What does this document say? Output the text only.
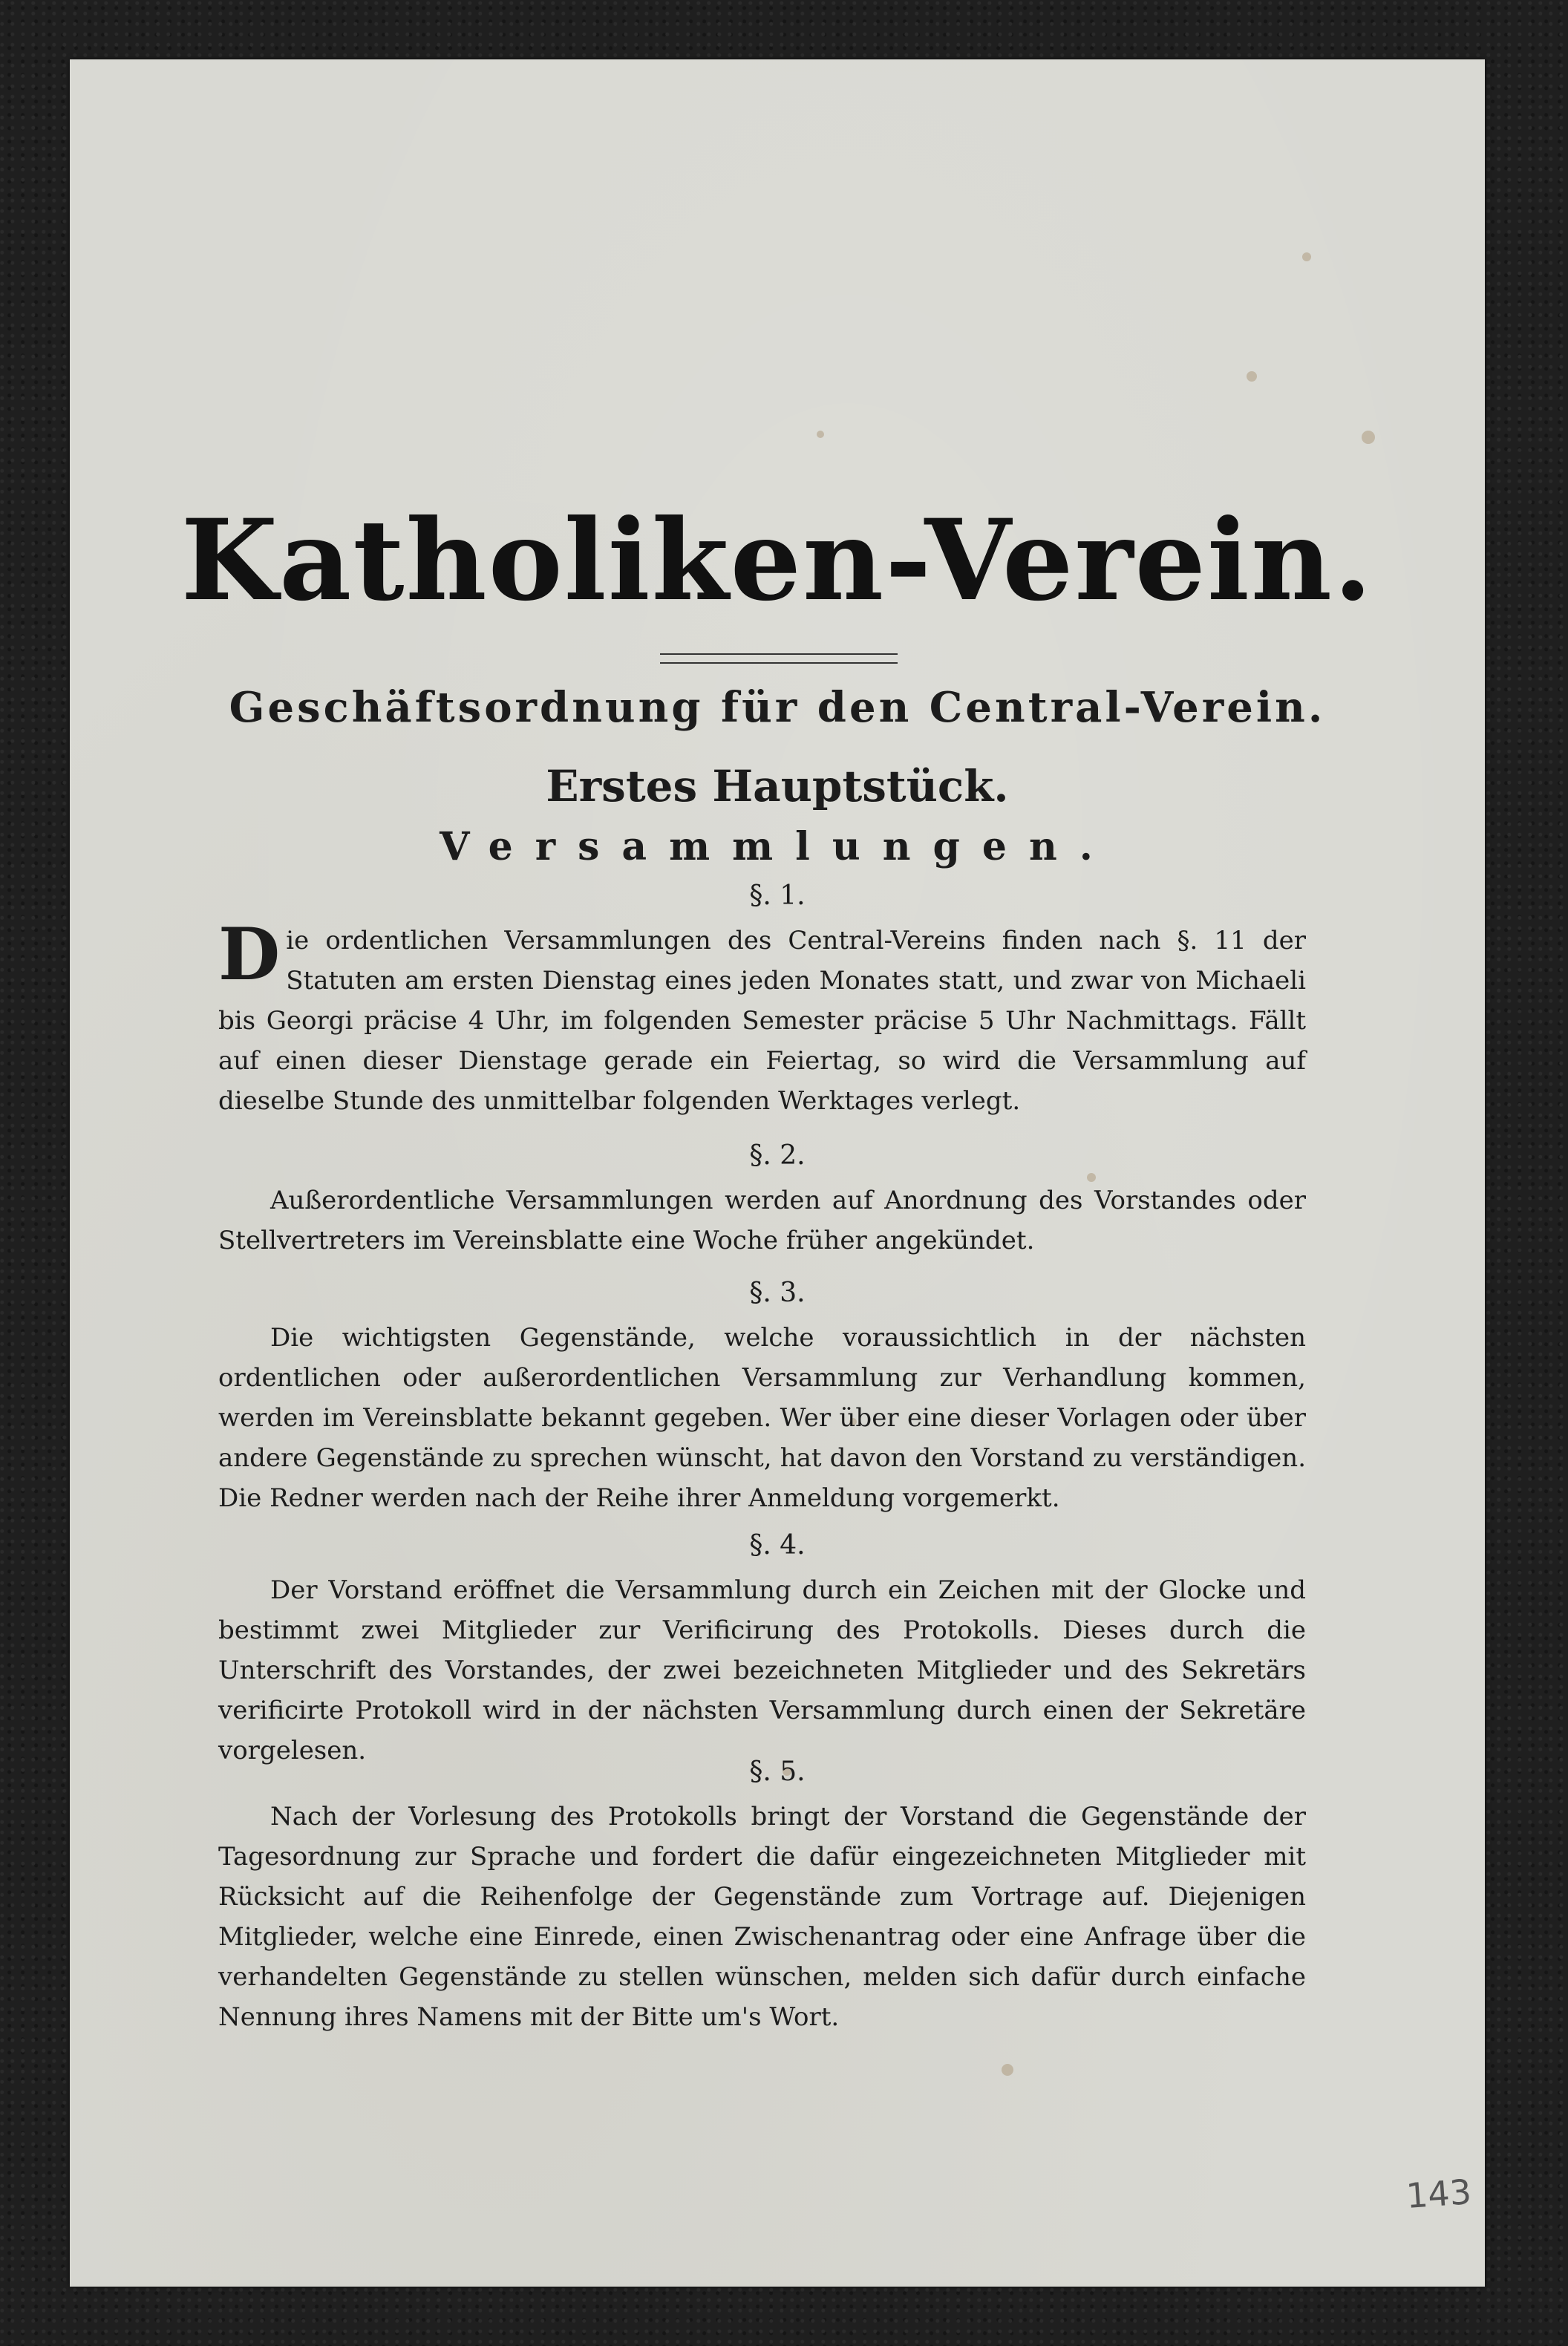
Katholiken-Verein.
Geschäftsordnung für den Central-Verein.
Erstes Hauptstück.
Versammlungen.
§. 1.
Die ordentlichen Versammlungen des Central-Vereins finden nach §. 11 der Statuten am ersten Dienstag eines jeden Monates statt, und zwar von Michaeli bis Georgi präcise 4 Uhr, im folgenden Semester präcise 5 Uhr Nachmittags. Fällt auf einen dieser Dienstage gerade ein Feiertag, so wird die Versammlung auf dieselbe Stunde des unmittelbar folgenden Werktages verlegt.
§. 2.
Außerordentliche Versammlungen werden auf Anordnung des Vorstandes oder Stellvertreters im Vereinsblatte eine Woche früher angekündet.
§. 3.
Die wichtigsten Gegenstände, welche voraussichtlich in der nächsten ordentlichen oder außerordentlichen Versammlung zur Verhandlung kommen, werden im Vereinsblatte bekannt gegeben. Wer über eine dieser Vorlagen oder über andere Gegenstände zu sprechen wünscht, hat davon den Vorstand zu verständigen. Die Redner werden nach der Reihe ihrer Anmeldung vorgemerkt.
§. 4.
Der Vorstand eröffnet die Versammlung durch ein Zeichen mit der Glocke und bestimmt zwei Mitglieder zur Verificirung des Protokolls. Dieses durch die Unterschrift des Vorstandes, der zwei bezeichneten Mitglieder und des Sekretärs verificirte Protokoll wird in der nächsten Versammlung durch einen der Sekretäre vorgelesen.
§. 5.
Nach der Vorlesung des Protokolls bringt der Vorstand die Gegenstände der Tagesordnung zur Sprache und fordert die dafür eingezeichneten Mitglieder mit Rücksicht auf die Reihenfolge der Gegenstände zum Vortrage auf. Diejenigen Mitglieder, welche eine Einrede, einen Zwischenantrag oder eine Anfrage über die verhandelten Gegenstände zu stellen wünschen, melden sich dafür durch einfache Nennung ihres Namens mit der Bitte um's Wort.
143
